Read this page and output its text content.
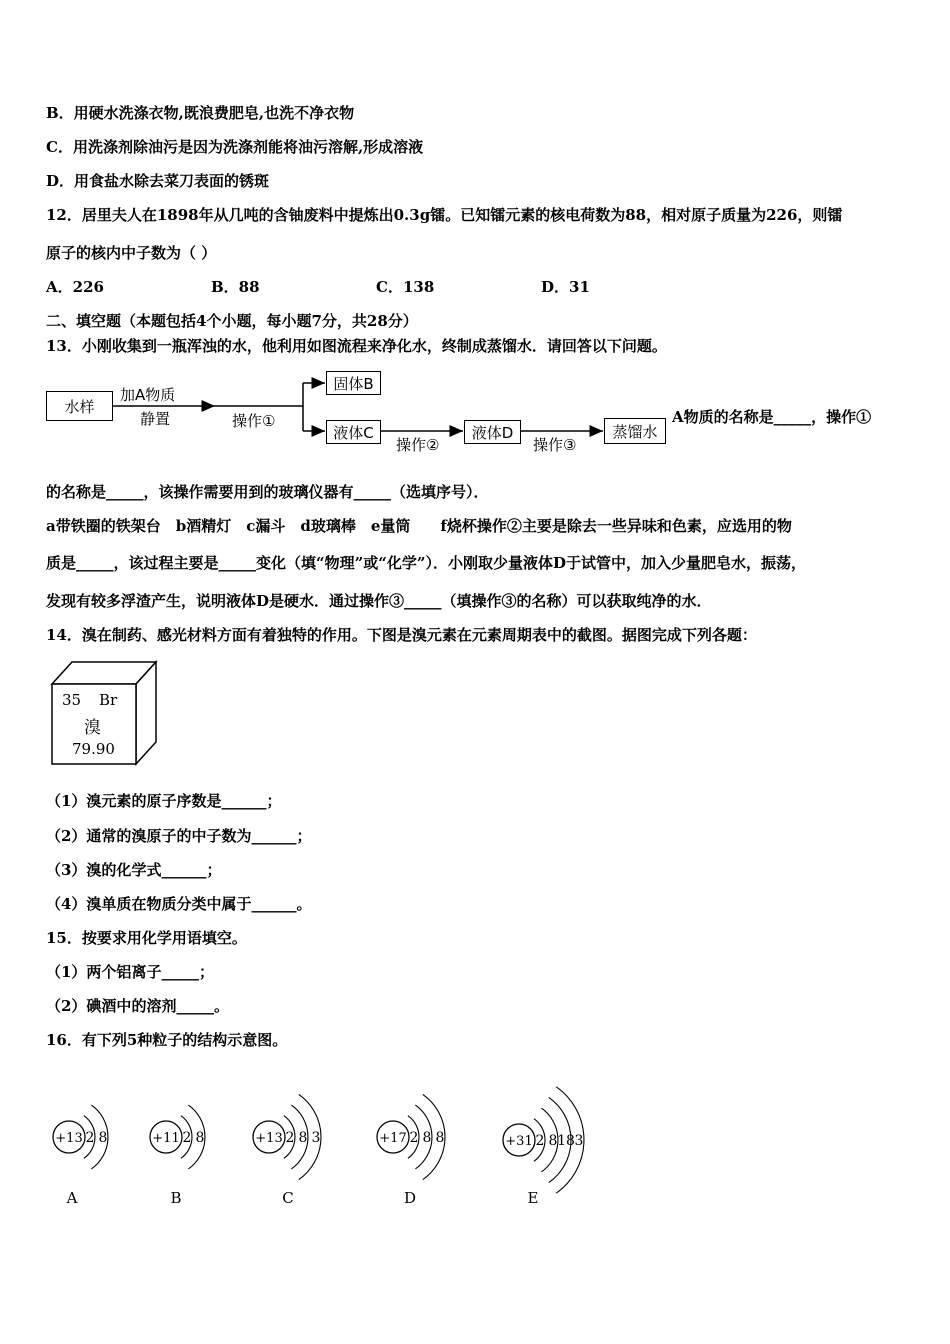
B．用硬水洗涤衣物,既浪费肥皂,也洗不净衣物
C．用洗涤剂除油污是因为洗涤剂能将油污溶解,形成溶液
D．用食盐水除去菜刀表面的锈斑
12．居里夫人在1898年从几吨的含铀废料中提炼出0.3g镭。已知镭元素的核电荷数为88，相对原子质量为226，则镭
原子的核内中子数为（ ）
A．226	B．88	C．138	D．31
二、填空题（本题包括4个小题，每小题7分，共28分）
13．小刚收集到一瓶浑浊的水，他利用如图流程来净化水，终制成蒸馏水．请回答以下问题。
水样
加A物质
静置	操作①
固体B
液体C
操作②
液体D
操作③
蒸馏水
A物质的名称是_____，操作①
的名称是_____，该操作需要用到的玻璃仪器有_____（选填序号）．
a带铁圈的铁架台　b酒精灯　c漏斗　d玻璃棒　e量筒　　f烧杯操作②主要是除去一些异味和色素，应选用的物
质是_____，该过程主要是_____变化（填“物理”或“化学”）．小刚取少量液体D于试管中，加入少量肥皂水，振荡，
发现有较多浮渣产生，说明液体D是硬水．通过操作③_____（填操作③的名称）可以获取纯净的水．
14．溴在制药、感光材料方面有着独特的作用。下图是溴元素在元素周期表中的截图。据图完成下列各题：
35 Br
溴
79.90
（1）溴元素的原子序数是______；
（2）通常的溴原子的中子数为______；
（3）溴的化学式______；
（4）溴单质在物质分类中属于______。
15．按要求用化学用语填空。
（1）两个铝离子_____；
（2）碘酒中的溶剂_____。
16．有下列5种粒子的结构示意图。
+13 2 8
A
+11 2 8
B
+13 2 8 3
C
+17 2 8 8
D
+31 2 8 18 3
E
